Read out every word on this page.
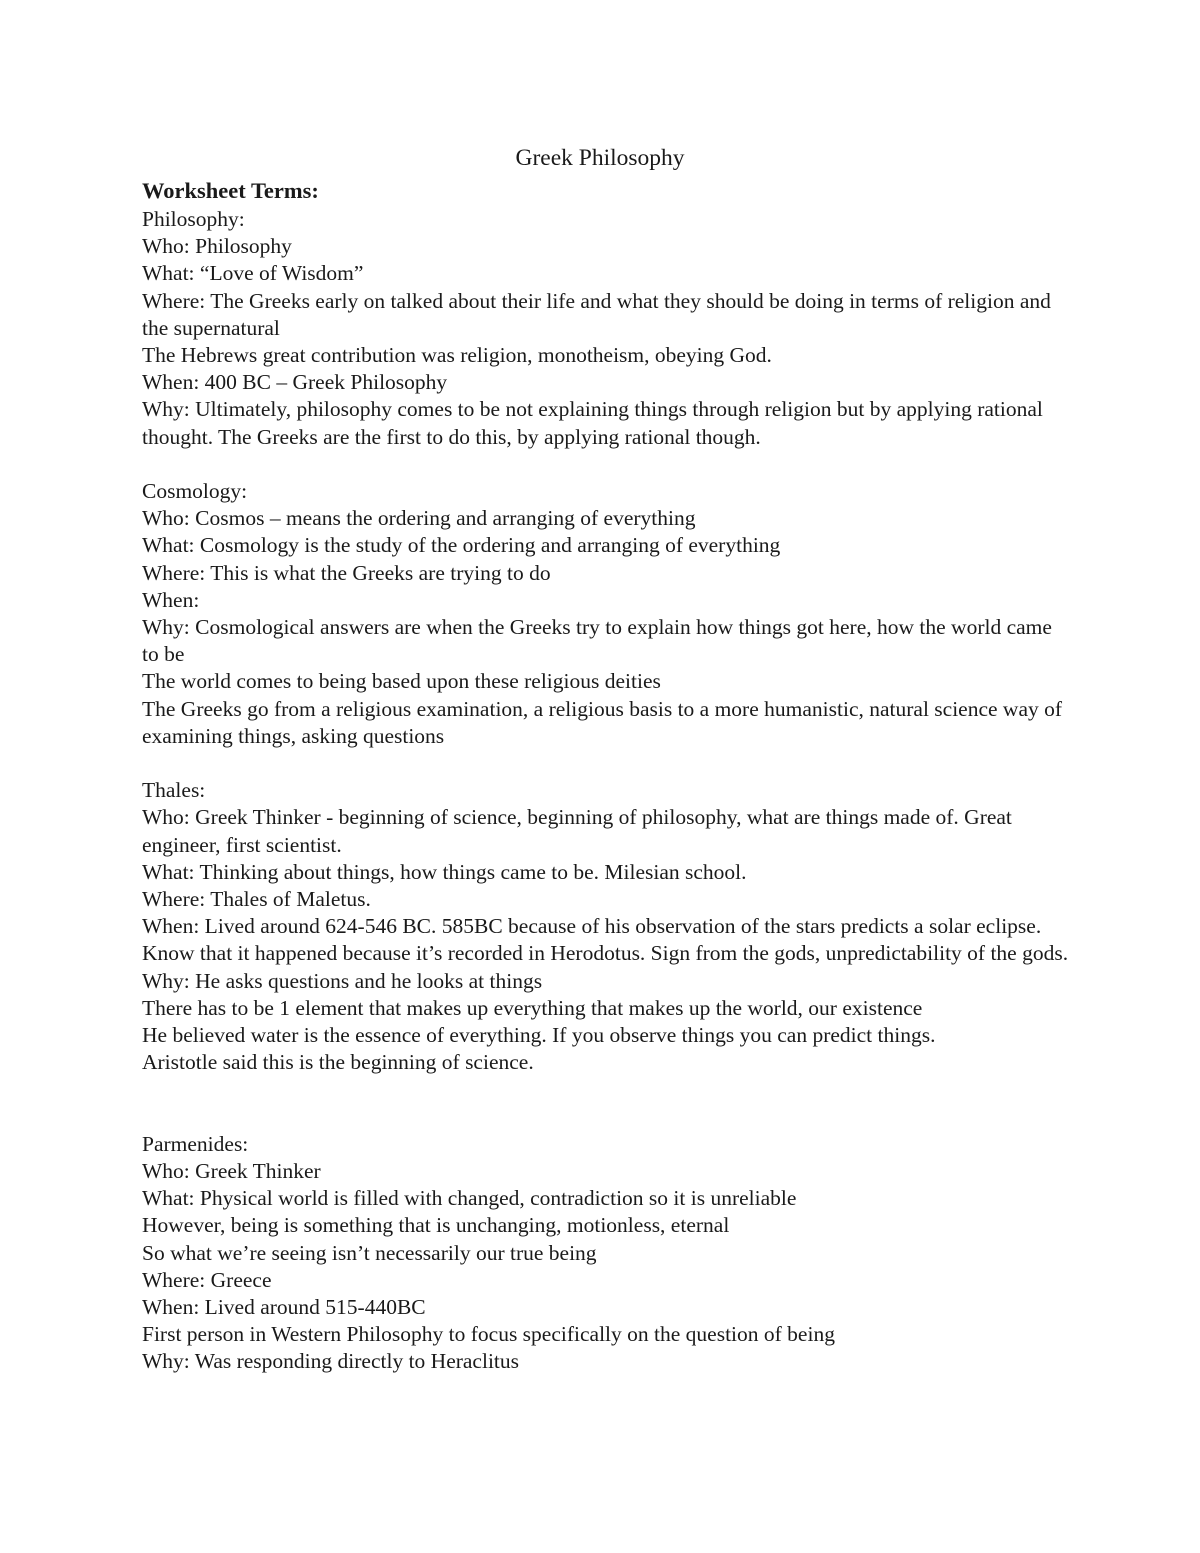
Greek Philosophy

Worksheet Terms:

Philosophy:

Who: Philosophy

What: “Love of Wisdom”

Where: The Greeks early on talked about their life and what they should be doing in terms of religion and the supernatural

The Hebrews great contribution was religion, monotheism, obeying God.

When: 400 BC – Greek Philosophy

Why: Ultimately, philosophy comes to be not explaining things through religion but by applying rational thought. The Greeks are the first to do this, by applying rational though.

Cosmology:

Who: Cosmos – means the ordering and arranging of everything

What: Cosmology is the study of the ordering and arranging of everything

Where: This is what the Greeks are trying to do

When:

Why: Cosmological answers are when the Greeks try to explain how things got here, how the world came to be

The world comes to being based upon these religious deities

The Greeks go from a religious examination, a religious basis to a more humanistic, natural science way of examining things, asking questions

Thales:

Who: Greek Thinker - beginning of science, beginning of philosophy, what are things made of. Great engineer, first scientist.

What: Thinking about things, how things came to be. Milesian school.

Where: Thales of Maletus.

When: Lived around 624-546 BC. 585BC because of his observation of the stars predicts a solar eclipse. Know that it happened because it’s recorded in Herodotus. Sign from the gods, unpredictability of the gods.

Why: He asks questions and he looks at things

There has to be 1 element that makes up everything that makes up the world, our existence

He believed water is the essence of everything. If you observe things you can predict things.

Aristotle said this is the beginning of science.

Parmenides:

Who: Greek Thinker

What: Physical world is filled with changed, contradiction so it is unreliable

However, being is something that is unchanging, motionless, eternal

So what we’re seeing isn’t necessarily our true being

Where: Greece

When: Lived around 515-440BC

First person in Western Philosophy to focus specifically on the question of being

Why: Was responding directly to Heraclitus
